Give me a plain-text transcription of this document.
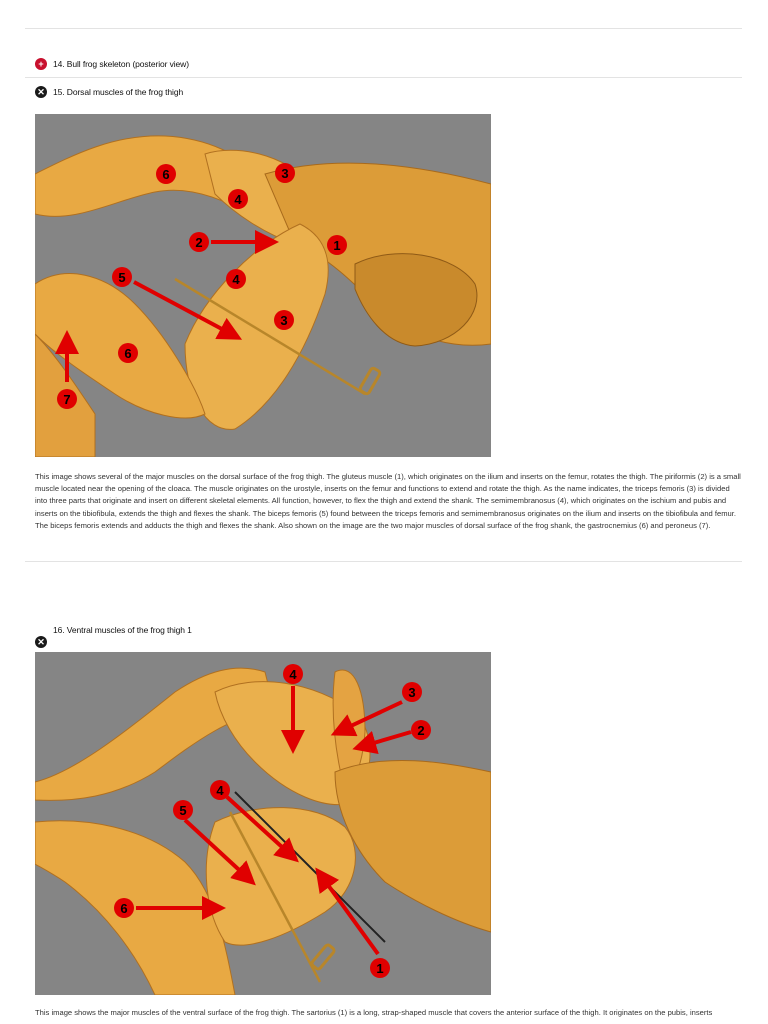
+	14. Bull frog skeleton (posterior view)
✕ 15. Dorsal muscles of the frog thigh
6	3
4
2	1
5	4
3
6
7
This image shows several of the major muscles on the dorsal surface of the frog thigh. The gluteus muscle (1), which originates on the ilium and inserts on the femur, rotates the thigh. The piriformis (2) is a small muscle located near the opening of the cloaca. The muscle originates on the urostyle, inserts on the femur and functions to extend and rotate the thigh. As the name indicates, the triceps femoris (3) is divided into three parts that originate and insert on different skeletal elements. All function, however, to flex the thigh and extend the shank. The semimembranosus (4), which originates on the ischium and pubis and inserts on the tibiofibula, extends the thigh and flexes the shank. The biceps femoris (5) found between the triceps femoris and semimembranosus originates on the ilium and inserts on the tibiofibula and femur. The biceps femoris extends and adducts the thigh and flexes the shank. Also shown on the image are the two major muscles of dorsal surface of the frog shank, the gastrocnemius (6) and peroneus (7).
16. Ventral muscles of the frog thigh 1
✕
4
3
2
4
5
6
1
This image shows the major muscles of the ventral surface of the frog thigh. The sartorius (1) is a long, strap-shaped muscle that covers the anterior surface of the thigh. It originates on the pubis, inserts
